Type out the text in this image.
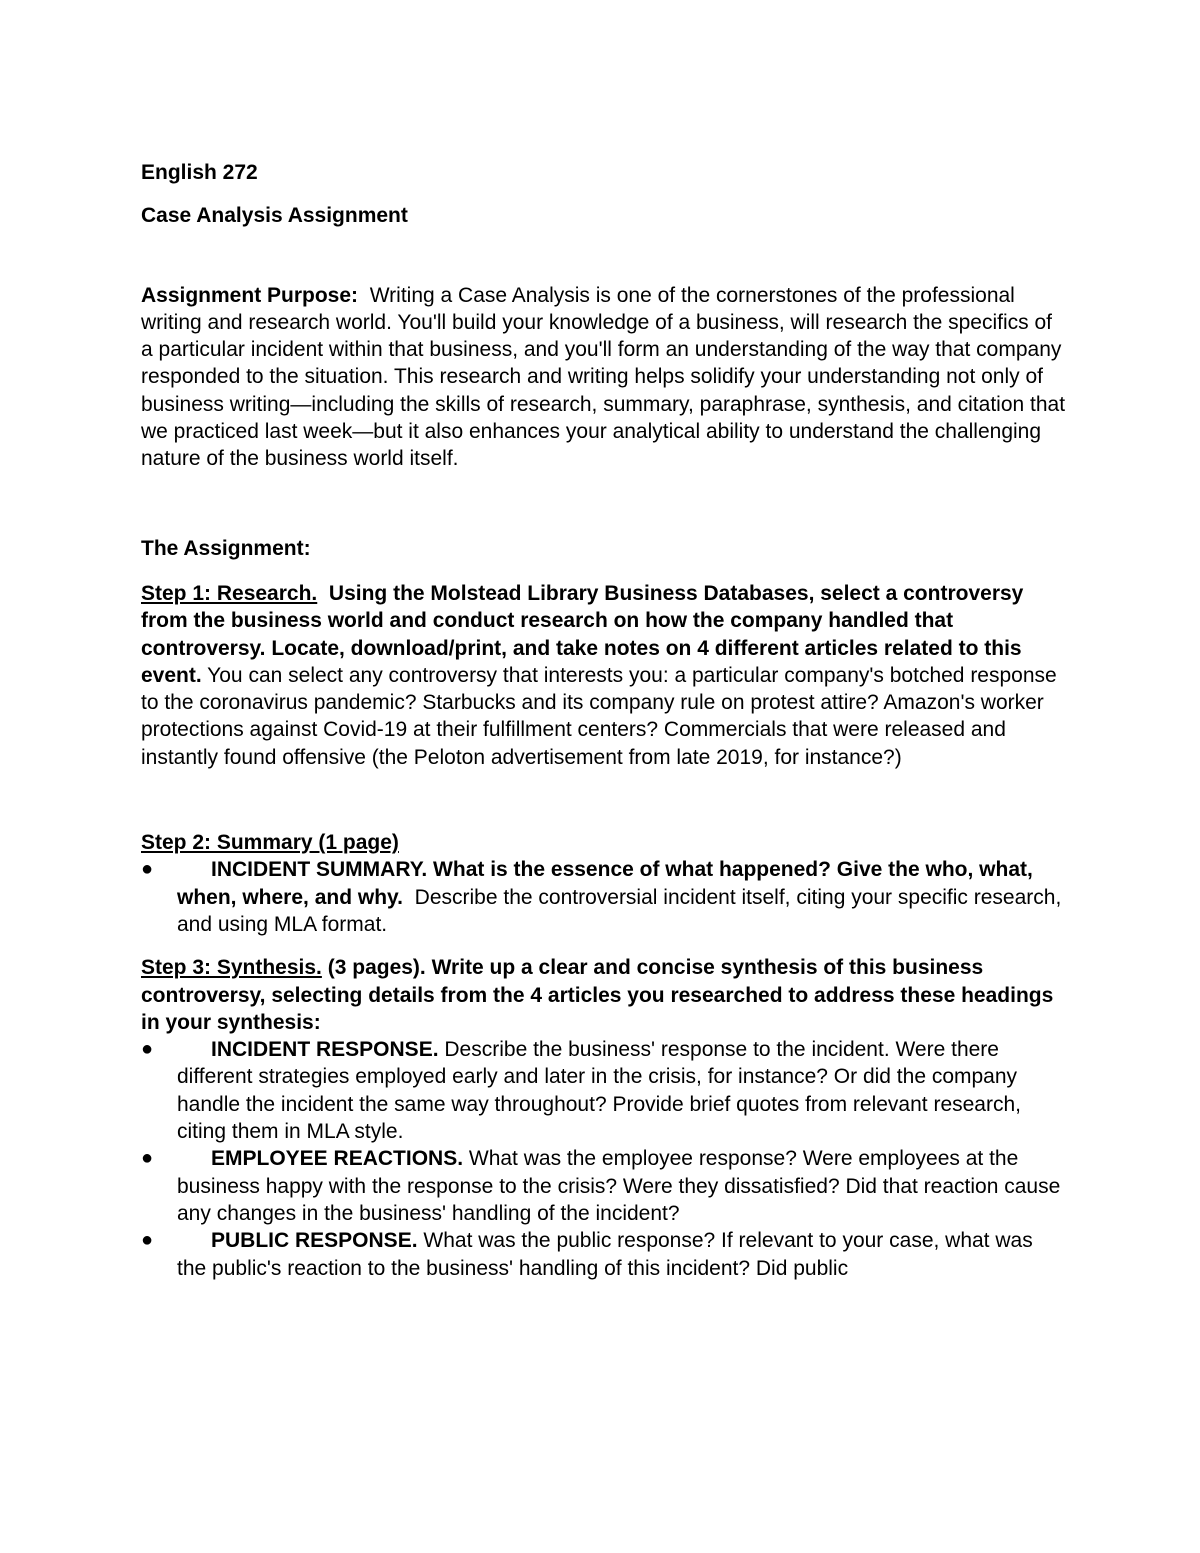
English 272

Case Analysis Assignment

Assignment Purpose: Writing a Case Analysis is one of the cornerstones of the professional writing and research world. You'll build your knowledge of a business, will research the specifics of a particular incident within that business, and you'll form an understanding of the way that company responded to the situation. This research and writing helps solidify your understanding not only of business writing—including the skills of research, summary, paraphrase, synthesis, and citation that we practiced last week—but it also enhances your analytical ability to understand the challenging nature of the business world itself.

The Assignment:

Step 1: Research. Using the Molstead Library Business Databases, select a controversy from the business world and conduct research on how the company handled that controversy. Locate, download/print, and take notes on 4 different articles related to this event. You can select any controversy that interests you: a particular company's botched response to the coronavirus pandemic? Starbucks and its company rule on protest attire? Amazon's worker protections against Covid-19 at their fulfillment centers? Commercials that were released and instantly found offensive (the Peloton advertisement from late 2019, for instance?)

Step 2: Summary (1 page)

●	INCIDENT SUMMARY. What is the essence of what happened? Give the who, what, when, where, and why. Describe the controversial incident itself, citing your specific research, and using MLA format.

Step 3: Synthesis. (3 pages). Write up a clear and concise synthesis of this business controversy, selecting details from the 4 articles you researched to address these headings in your synthesis:

●	INCIDENT RESPONSE. Describe the business' response to the incident. Were there different strategies employed early and later in the crisis, for instance? Or did the company handle the incident the same way throughout? Provide brief quotes from relevant research, citing them in MLA style.
●	EMPLOYEE REACTIONS. What was the employee response? Were employees at the business happy with the response to the crisis? Were they dissatisfied? Did that reaction cause any changes in the business' handling of the incident?
●	PUBLIC RESPONSE. What was the public response? If relevant to your case, what was the public's reaction to the business' handling of this incident? Did public
